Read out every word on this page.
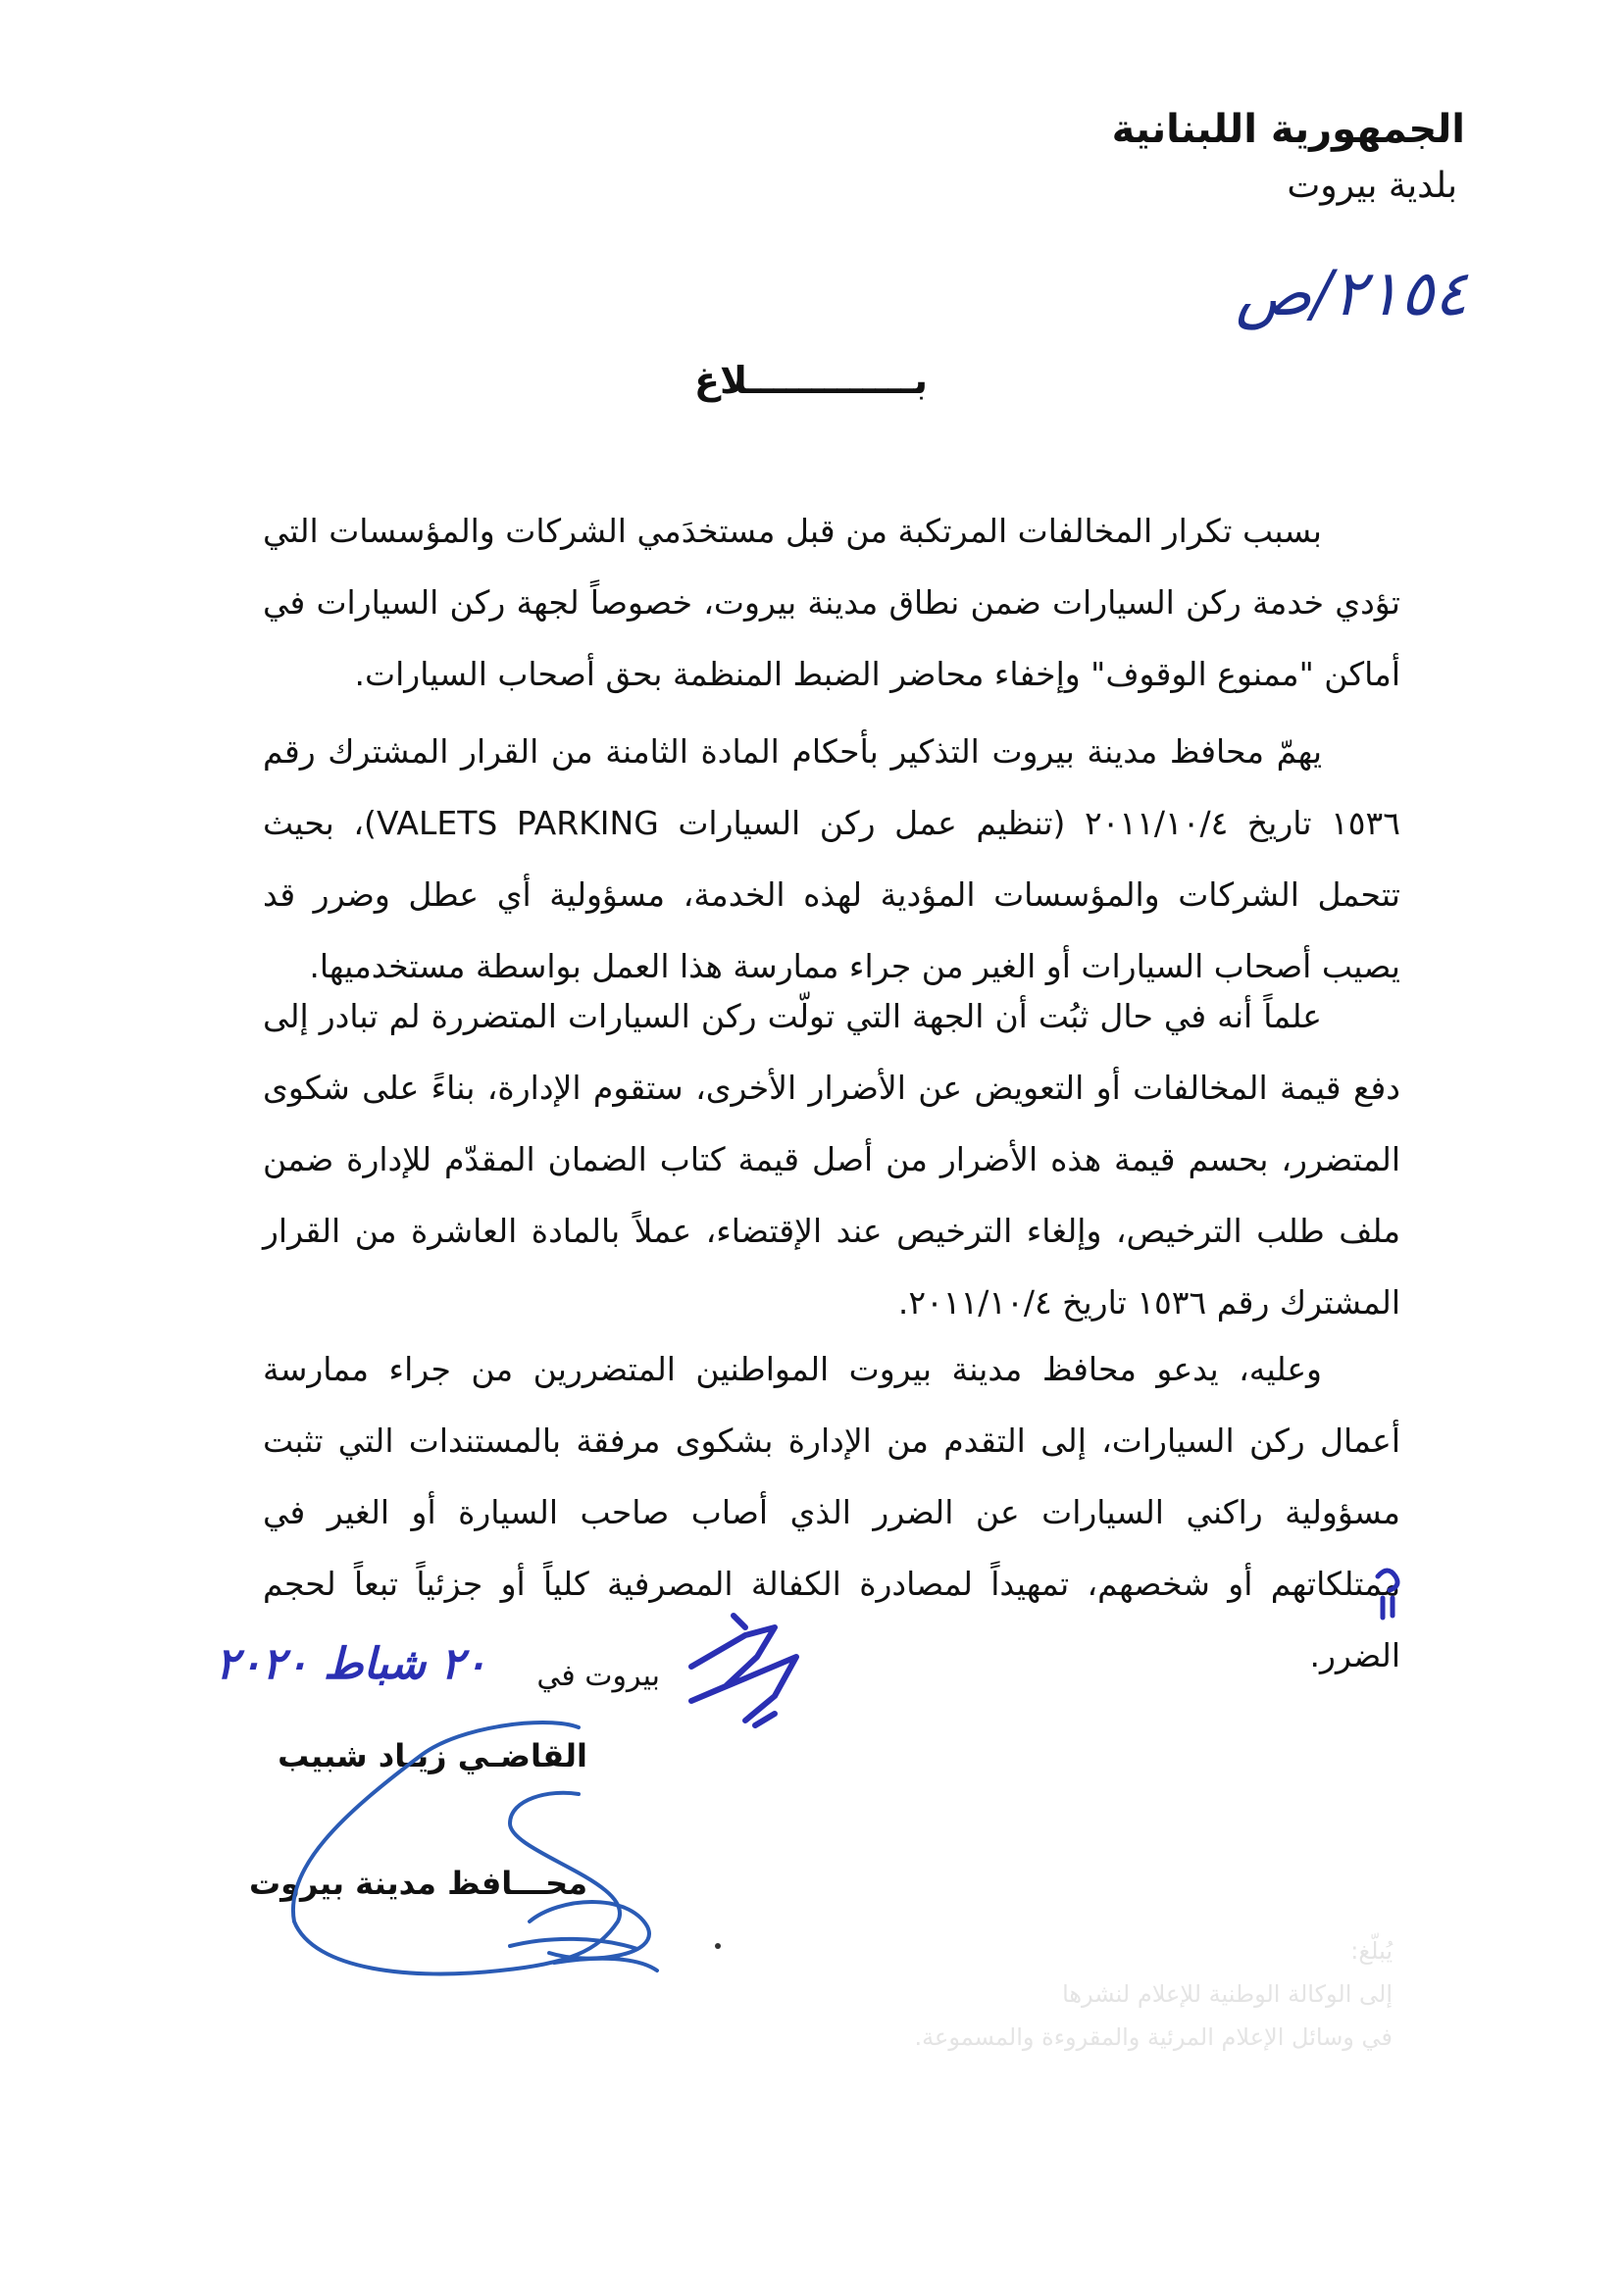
الجمهورية اللبنانية
بلدية بيروت
٢١٥٤/ص
بـــــــــــــلاغ

بسبب تكرار المخالفات المرتكبة من قبل مستخدَمي الشركات والمؤسسات التي تؤدي خدمة ركن السيارات ضمن نطاق مدينة بيروت، خصوصاً لجهة ركن السيارات في أماكن "ممنوع الوقوف" وإخفاء محاضر الضبط المنظمة بحق أصحاب السيارات.

يهمّ محافظ مدينة بيروت التذكير بأحكام المادة الثامنة من القرار المشترك رقم ١٥٣٦ تاريخ ٢٠١١/١٠/٤ (تنظيم عمل ركن السيارات VALETS PARKING)، بحيث تتحمل الشركات والمؤسسات المؤدية لهذه الخدمة، مسؤولية أي عطل وضرر قد يصيب أصحاب السيارات أو الغير من جراء ممارسة هذا العمل بواسطة مستخدميها.

علماً أنه في حال ثبُت أن الجهة التي تولّت ركن السيارات المتضررة لم تبادر إلى دفع قيمة المخالفات أو التعويض عن الأضرار الأخرى، ستقوم الإدارة، بناءً على شكوى المتضرر، بحسم قيمة هذه الأضرار من أصل قيمة كتاب الضمان المقدّم للإدارة ضمن ملف طلب الترخيص، وإلغاء الترخيص عند الإقتضاء، عملاً بالمادة العاشرة من القرار المشترك رقم ١٥٣٦ تاريخ ٢٠١١/١٠/٤.

وعليه، يدعو محافظ مدينة بيروت المواطنين المتضررين من جراء ممارسة أعمال ركن السيارات، إلى التقدم من الإدارة بشكوى مرفقة بالمستندات التي تثبت مسؤولية راكني السيارات عن الضرر الذي أصاب صاحب السيارة أو الغير في ممتلكاتهم أو شخصهم، تمهيداً لمصادرة الكفالة المصرفية كلياً أو جزئياً تبعاً لحجم الضرر.

بيروت في
٢٠ شباط ٢٠٢٠
القاضـي زيـاد شبيب
محـــافظ مدينة بيروت
يُبلّغ:
إلى الوكالة الوطنية للإعلام لنشرها
في وسائل الإعلام المرئية والمقروءة والمسموعة.
